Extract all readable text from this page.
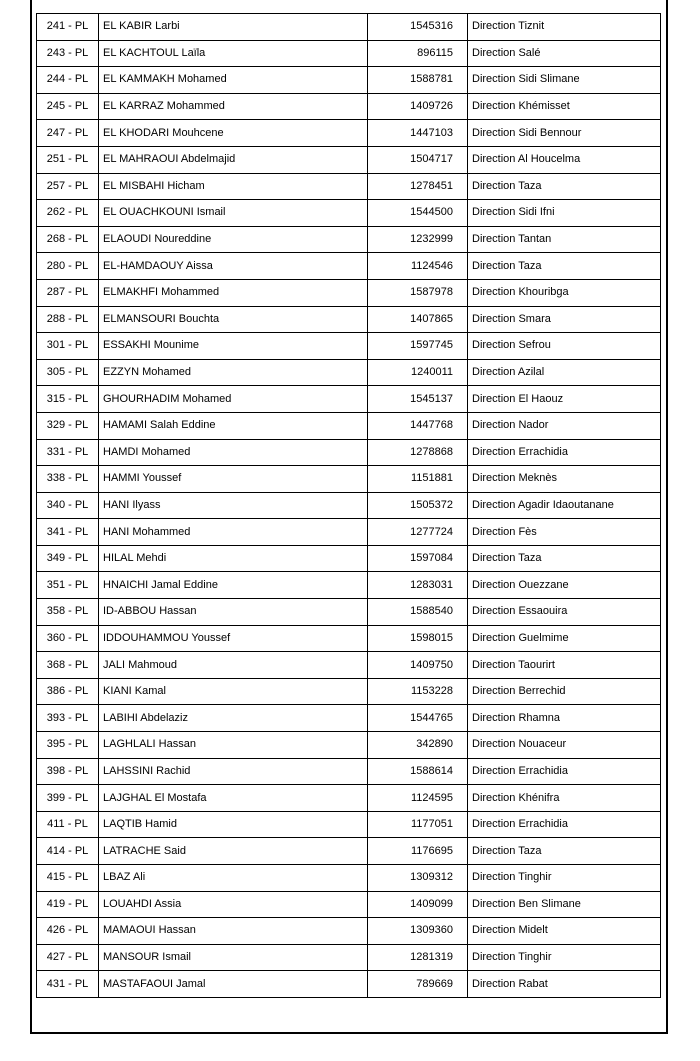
241 - PL	EL KABIR Larbi	1545316	Direction Tiznit
243 - PL	EL KACHTOUL Laïla	896115	Direction Salé
244 - PL	EL KAMMAKH Mohamed	1588781	Direction Sidi Slimane
245 - PL	EL KARRAZ Mohammed	1409726	Direction Khémisset
247 - PL	EL KHODARI Mouhcene	1447103	Direction Sidi Bennour
251 - PL	EL MAHRAOUI Abdelmajid	1504717	Direction Al Houcelma
257 - PL	EL MISBAHI Hicham	1278451	Direction Taza
262 - PL	EL OUACHKOUNI Ismail	1544500	Direction Sidi Ifni
268 - PL	ELAOUDI Noureddine	1232999	Direction Tantan
280 - PL	EL-HAMDAOUY Aissa	1124546	Direction Taza
287 - PL	ELMAKHFI Mohammed	1587978	Direction Khouribga
288 - PL	ELMANSOURI Bouchta	1407865	Direction Smara
301 - PL	ESSAKHI Mounime	1597745	Direction Sefrou
305 - PL	EZZYN Mohamed	1240011	Direction Azilal
315 - PL	GHOURHADIM Mohamed	1545137	Direction El Haouz
329 - PL	HAMAMI Salah Eddine	1447768	Direction Nador
331 - PL	HAMDI Mohamed	1278868	Direction Errachidia
338 - PL	HAMMI Youssef	1151881	Direction Meknès
340 - PL	HANI Ilyass	1505372	Direction Agadir Idaoutanane
341 - PL	HANI Mohammed	1277724	Direction Fès
349 - PL	HILAL Mehdi	1597084	Direction Taza
351 - PL	HNAICHI Jamal Eddine	1283031	Direction Ouezzane
358 - PL	ID-ABBOU Hassan	1588540	Direction Essaouira
360 - PL	IDDOUHAMMOU Youssef	1598015	Direction Guelmime
368 - PL	JALI Mahmoud	1409750	Direction Taourirt
386 - PL	KIANI Kamal	1153228	Direction Berrechid
393 - PL	LABIHI Abdelaziz	1544765	Direction Rhamna
395 - PL	LAGHLALI Hassan	342890	Direction Nouaceur
398 - PL	LAHSSINI Rachid	1588614	Direction Errachidia
399 - PL	LAJGHAL El Mostafa	1124595	Direction Khénifra
411 - PL	LAQTIB Hamid	1177051	Direction Errachidia
414 - PL	LATRACHE Said	1176695	Direction Taza
415 - PL	LBAZ Ali	1309312	Direction Tinghir
419 - PL	LOUAHDI Assia	1409099	Direction Ben Slimane
426 - PL	MAMAOUI Hassan	1309360	Direction Midelt
427 - PL	MANSOUR Ismail	1281319	Direction Tinghir
431 - PL	MASTAFAOUI Jamal	789669	Direction Rabat
